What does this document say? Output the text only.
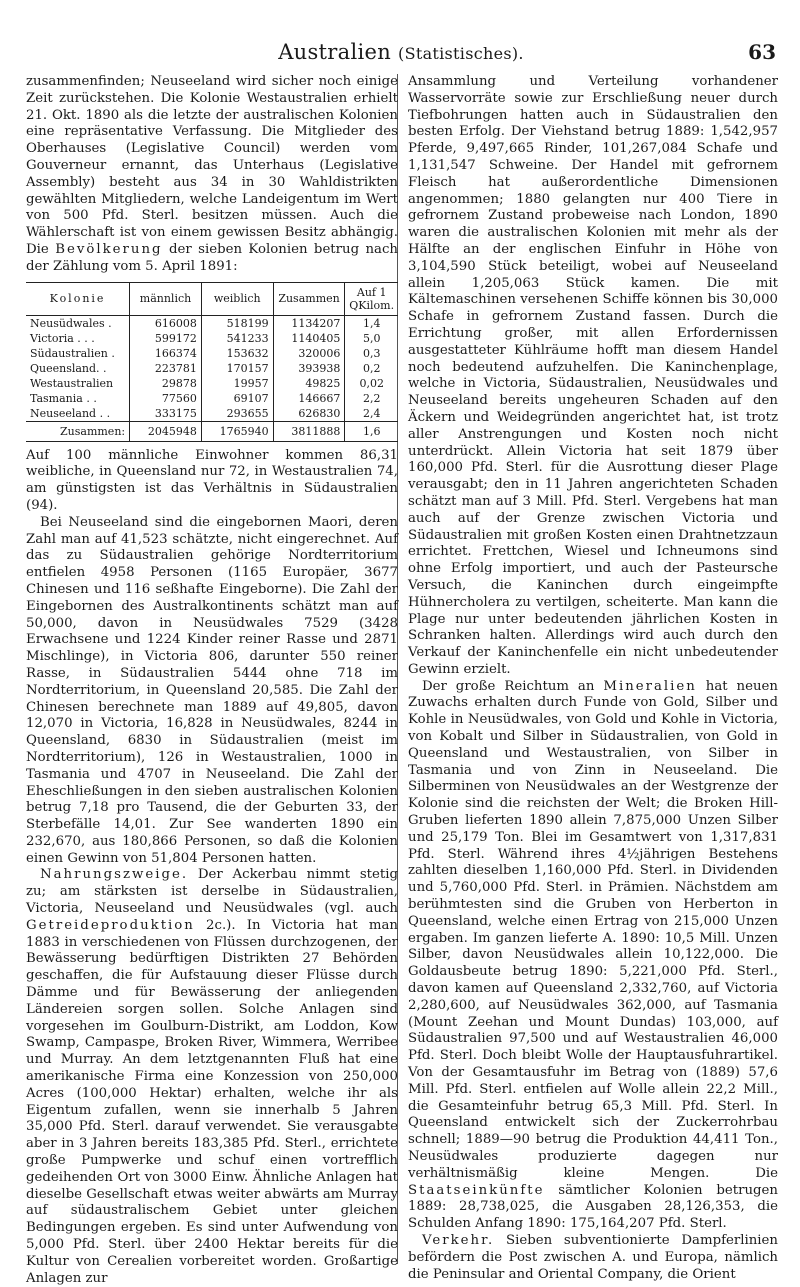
Australien (Statistisches).	63

zusammenfinden; Neuseeland wird sicher noch einige Zeit zurückstehen. Die Kolonie Westaustralien erhielt 21. Okt. 1890 als die letzte der australischen Kolonien eine repräsentative Verfassung. Die Mitglieder des Oberhauses (Legislative Council) werden vom Gouverneur ernannt, das Unterhaus (Legislative Assembly) besteht aus 34 in 30 Wahldistrikten gewählten Mitgliedern, welche Landeigentum im Wert von 500 Pfd. Sterl. besitzen müssen. Auch die Wählerschaft ist von einem gewissen Besitz abhängig. Die Bevölkerung der sieben Kolonien betrug nach der Zählung vom 5. April 1891:

Kolonie	männlich	weiblich	Zusammen	Auf 1 QKilom.
Neusüdwales .	616008	518199	1134207	1,4
Victoria . . .	599172	541233	1140405	5,0
Südaustralien .	166374	153632	320006	0,3
Queensland. .	223781	170157	393938	0,2
Westaustralien	29878	19957	49825	0,02
Tasmania . .	77560	69107	146667	2,2
Neuseeland . .	333175	293655	626830	2,4
Zusammen:	2045948	1765940	3811888	1,6

Auf 100 männliche Einwohner kommen 86,31 weibliche, in Queensland nur 72, in Westaustralien 74, am günstigsten ist das Verhältnis in Südaustralien (94).

Bei Neuseeland sind die eingebornen Maori, deren Zahl man auf 41,523 schätzte, nicht eingerechnet. Auf das zu Südaustralien gehörige Nordterritorium entfielen 4958 Personen (1165 Europäer, 3677 Chinesen und 116 seßhafte Eingeborne). Die Zahl der Eingebornen des Australkontinents schätzt man auf 50,000, davon in Neusüdwales 7529 (3428 Erwachsene und 1224 Kinder reiner Rasse und 2871 Mischlinge), in Victoria 806, darunter 550 reiner Rasse, in Südaustralien 5444 ohne 718 im Nordterritorium, in Queensland 20,585. Die Zahl der Chinesen berechnete man 1889 auf 49,805, davon 12,070 in Victoria, 16,828 in Neusüdwales, 8244 in Queensland, 6830 in Südaustralien (meist im Nordterritorium), 126 in Westaustralien, 1000 in Tasmania und 4707 in Neuseeland. Die Zahl der Eheschließungen in den sieben australischen Kolonien betrug 7,18 pro Tausend, die der Geburten 33, der Sterbefälle 14,01. Zur See wanderten 1890 ein 232,670, aus 180,866 Personen, so daß die Kolonien einen Gewinn von 51,804 Personen hatten.

Nahrungszweige. Der Ackerbau nimmt stetig zu; am stärksten ist derselbe in Südaustralien, Victoria, Neuseeland und Neusüdwales (vgl. auch Getreideproduktion 2c.). In Victoria hat man 1883 in verschiedenen von Flüssen durchzogenen, der Bewässerung bedürftigen Distrikten 27 Behörden geschaffen, die für Aufstauung dieser Flüsse durch Dämme und für Bewässerung der anliegenden Ländereien sorgen sollen. Solche Anlagen sind vorgesehen im Goulburn-Distrikt, am Loddon, Kow Swamp, Campaspe, Broken River, Wimmera, Werribee und Murray. An dem letztgenannten Fluß hat eine amerikanische Firma eine Konzession von 250,000 Acres (100,000 Hektar) erhalten, welche ihr als Eigentum zufallen, wenn sie innerhalb 5 Jahren 35,000 Pfd. Sterl. darauf verwendet. Sie verausgabte aber in 3 Jahren bereits 183,385 Pfd. Sterl., errichtete große Pumpwerke und schuf einen vortrefflich gedeihenden Ort von 3000 Einw. Ähnliche Anlagen hat dieselbe Gesellschaft etwas weiter abwärts am Murray auf südaustralischem Gebiet unter gleichen Bedingungen ergeben. Es sind unter Aufwendung von 5,000 Pfd. Sterl. über 2400 Hektar bereits für die Kultur von Cerealien vorbereitet worden. Großartige Anlagen zur

Ansammlung und Verteilung vorhandener Wasservorräte sowie zur Erschließung neuer durch Tiefbohrungen hatten auch in Südaustralien den besten Erfolg. Der Viehstand betrug 1889: 1,542,957 Pferde, 9,497,665 Rinder, 101,267,084 Schafe und 1,131,547 Schweine. Der Handel mit gefrornem Fleisch hat außerordentliche Dimensionen angenommen; 1880 gelangten nur 400 Tiere in gefrornem Zustand probeweise nach London, 1890 waren die australischen Kolonien mit mehr als der Hälfte an der englischen Einfuhr in Höhe von 3,104,590 Stück beteiligt, wobei auf Neuseeland allein 1,205,063 Stück kamen. Die mit Kältemaschinen versehenen Schiffe können bis 30,000 Schafe in gefrornem Zustand fassen. Durch die Errichtung großer, mit allen Erfordernissen ausgestatteter Kühlräume hofft man diesem Handel noch bedeutend aufzuhelfen. Die Kaninchenplage, welche in Victoria, Südaustralien, Neusüdwales und Neuseeland bereits ungeheuren Schaden auf den Äckern und Weidegründen angerichtet hat, ist trotz aller Anstrengungen und Kosten noch nicht unterdrückt. Allein Victoria hat seit 1879 über 160,000 Pfd. Sterl. für die Ausrottung dieser Plage verausgabt; den in 11 Jahren angerichteten Schaden schätzt man auf 3 Mill. Pfd. Sterl. Vergebens hat man auch auf der Grenze zwischen Victoria und Südaustralien mit großen Kosten einen Drahtnetzzaun errichtet. Frettchen, Wiesel und Ichneumons sind ohne Erfolg importiert, und auch der Pasteursche Versuch, die Kaninchen durch eingeimpfte Hühnercholera zu vertilgen, scheiterte. Man kann die Plage nur unter bedeutenden jährlichen Kosten in Schranken halten. Allerdings wird auch durch den Verkauf der Kaninchenfelle ein nicht unbedeutender Gewinn erzielt.

Der große Reichtum an Mineralien hat neuen Zuwachs erhalten durch Funde von Gold, Silber und Kohle in Neusüdwales, von Gold und Kohle in Victoria, von Kobalt und Silber in Südaustralien, von Gold in Queensland und Westaustralien, von Silber in Tasmania und von Zinn in Neuseeland. Die Silberminen von Neusüdwales an der Westgrenze der Kolonie sind die reichsten der Welt; die Broken Hill-Gruben lieferten 1890 allein 7,875,000 Unzen Silber und 25,179 Ton. Blei im Gesamtwert von 1,317,831 Pfd. Sterl. Während ihres 4½jährigen Bestehens zahlten dieselben 1,160,000 Pfd. Sterl. in Dividenden und 5,760,000 Pfd. Sterl. in Prämien. Nächstdem am berühmtesten sind die Gruben von Herberton in Queensland, welche einen Ertrag von 215,000 Unzen ergaben. Im ganzen lieferte A. 1890: 10,5 Mill. Unzen Silber, davon Neusüdwales allein 10,122,000. Die Goldausbeute betrug 1890: 5,221,000 Pfd. Sterl., davon kamen auf Queensland 2,332,760, auf Victoria 2,280,600, auf Neusüdwales 362,000, auf Tasmania (Mount Zeehan und Mount Dundas) 103,000, auf Südaustralien 97,500 und auf Westaustralien 46,000 Pfd. Sterl. Doch bleibt Wolle der Hauptausfuhrartikel. Von der Gesamtausfuhr im Betrag von (1889) 57,6 Mill. Pfd. Sterl. entfielen auf Wolle allein 22,2 Mill., die Gesamteinfuhr betrug 65,3 Mill. Pfd. Sterl. In Queensland entwickelt sich der Zuckerrohrbau schnell; 1889—90 betrug die Produktion 44,411 Ton., Neusüdwales produzierte dagegen nur verhältnismäßig kleine Mengen. Die Staatseinkünfte sämtlicher Kolonien betrugen 1889: 28,738,025, die Ausgaben 28,126,353, die Schulden Anfang 1890: 175,164,207 Pfd. Sterl.

Verkehr. Sieben subventionierte Dampferlinien befördern die Post zwischen A. und Europa, nämlich die Peninsular and Oriental Company, die Orient
